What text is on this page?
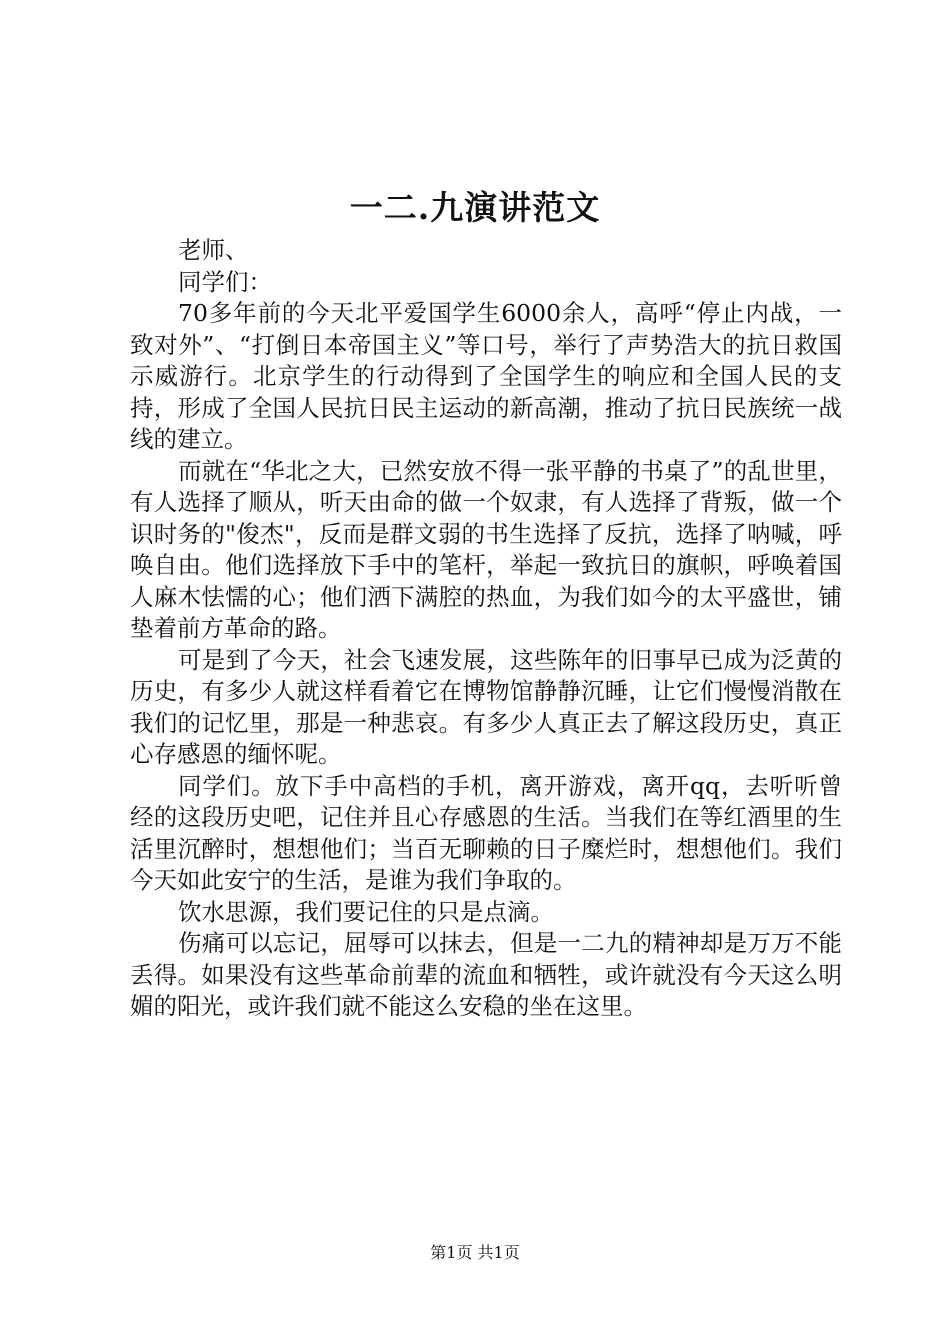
一二.九演讲范文

老师、

同学们：

70多年前的今天北平爱国学生6000余人，高呼“停止内战，一致对外”、“打倒日本帝国主义”等口号，举行了声势浩大的抗日救国示威游行。北京学生的行动得到了全国学生的响应和全国人民的支持，形成了全国人民抗日民主运动的新高潮，推动了抗日民族统一战线的建立。

而就在“华北之大，已然安放不得一张平静的书桌了”的乱世里，有人选择了顺从，听天由命的做一个奴隶，有人选择了背叛，做一个识时务的"俊杰"，反而是群文弱的书生选择了反抗，选择了呐喊，呼唤自由。他们选择放下手中的笔杆，举起一致抗日的旗帜，呼唤着国人麻木怯懦的心；他们洒下满腔的热血，为我们如今的太平盛世，铺垫着前方革命的路。

可是到了今天，社会飞速发展，这些陈年的旧事早已成为泛黄的历史，有多少人就这样看着它在博物馆静静沉睡，让它们慢慢消散在我们的记忆里，那是一种悲哀。有多少人真正去了解这段历史，真正心存感恩的缅怀呢。

同学们。放下手中高档的手机，离开游戏，离开qq，去听听曾经的这段历史吧，记住并且心存感恩的生活。当我们在等红酒里的生活里沉醉时，想想他们；当百无聊赖的日子糜烂时，想想他们。我们今天如此安宁的生活，是谁为我们争取的。

饮水思源，我们要记住的只是点滴。

伤痛可以忘记，屈辱可以抹去，但是一二九的精神却是万万不能丢得。如果没有这些革命前辈的流血和牺牲，或许就没有今天这么明媚的阳光，或许我们就不能这么安稳的坐在这里。

第1页 共1页
